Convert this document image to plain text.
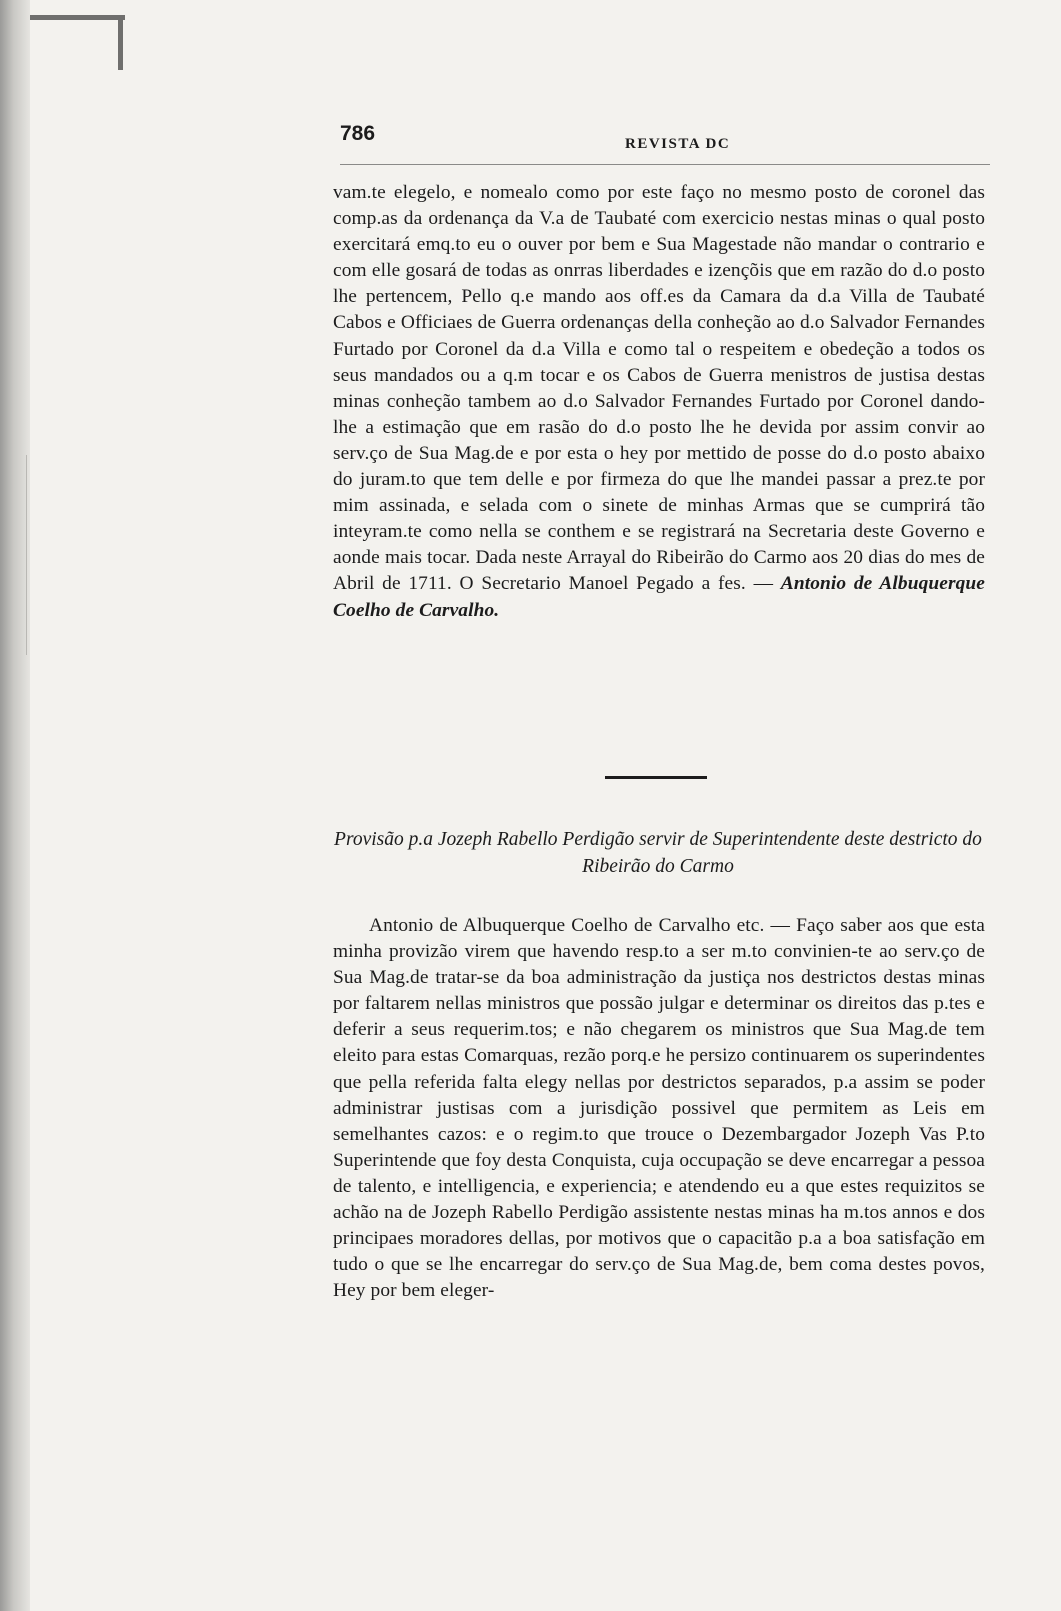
786	REVISTA DC
vam.te elegelo, e nomealo como por este faço no mesmo posto de coronel das comp.as da ordenança da V.a de Taubaté com exercicio nestas minas o qual posto exercitará emq.to eu o ouver por bem e Sua Magestade não mandar o contrario e com elle gosará de todas as onrras liberdades e izençõis que em razão do d.o posto lhe pertencem, Pello q.e mando aos off.es da Camara da d.a Villa de Taubaté Cabos e Officiaes de Guerra ordenanças della conheção ao d.o Salvador Fernandes Furtado por Coronel da d.a Villa e como tal o respeitem e obedeção a todos os seus mandados ou a q.m tocar e os Cabos de Guerra menistros de justisa destas minas conheção tambem ao d.o Salvador Fernandes Furtado por Coronel dando-lhe a estimação que em rasão do d.o posto lhe he devida por assim convir ao serv.ço de Sua Mag.de e por esta o hey por mettido de posse do d.o posto abaixo do juram.to que tem delle e por firmeza do que lhe mandei passar a prez.te por mim assinada, e selada com o sinete de minhas Armas que se cumprirá tão inteyram.te como nella se conthem e se registrará na Secretaria deste Governo e aonde mais tocar. Dada neste Arrayal do Ribeirão do Carmo aos 20 dias do mes de Abril de 1711. O Secretario Manoel Pegado a fes. — Antonio de Albuquerque Coelho de Carvalho.
Provisão p.a Jozeph Rabello Perdigão servir de Superintendente deste destricto do Ribeirão do Carmo
Antonio de Albuquerque Coelho de Carvalho etc. — Faço saber aos que esta minha provizão virem que havendo resp.to a ser m.to convinien-te ao serv.ço de Sua Mag.de tratar-se da boa administração da justiça nos destrictos destas minas por faltarem nellas ministros que possão julgar e determinar os direitos das p.tes e deferir a seus requerim.tos; e não chegarem os ministros que Sua Mag.de tem eleito para estas Comarquas, rezão porq.e he persizo continuarem os superindentes que pella referida falta elegy nellas por destrictos separados, p.a assim se poder administrar justisas com a jurisdição possivel que permitem as Leis em semelhantes cazos: e o regim.to que trouce o Dezembargador Jozeph Vas P.to Superintende que foy desta Conquista, cuja occupação se deve encarregar a pessoa de talento, e intelligencia, e experiencia; e atendendo eu a que estes requizitos se achão na de Jozeph Rabello Perdigão assistente nestas minas ha m.tos annos e dos principaes moradores dellas, por motivos que o capacitão p.a a boa satisfação em tudo o que se lhe encarregar do serv.ço de Sua Mag.de, bem coma destes povos, Hey por bem eleger-
